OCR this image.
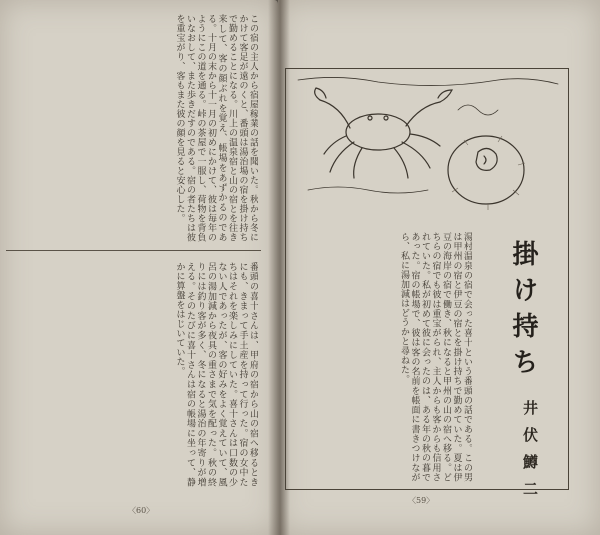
この宿の主人から宿屋稼業の話を聞いた。秋から冬にかけて客足が遠のくと、番頭は湯治場の宿を掛け持ちで勤めることになる。川上の温泉宿と山の宿とを往き来して、客の顔ぶれを覚え、帳場をあずかるのである。十月の末から十一月の初めにかけて、彼は毎年のようにこの道を通る。峠の茶屋で一服し、荷物を背負いなおして、また歩きだすのである。宿の者たちは彼を重宝がり、客もまた彼の顔を見ると安心した。
番頭の喜十さんは、甲府の宿から山の宿へ移るときにも、きまって手土産を持って行った。宿の女中たちはそれを楽しみにしていた。喜十さんは口数の少ない人であったが、客の好みをよく覚えていて、風呂の湯加減から夜具の重さまで気を配った。秋の終りには釣り客が多く、冬になると湯治の年寄りが増える。そのたびに喜十さんは宿の帳場に坐って、静かに算盤をはじいていた。
〈60〉
湯村温泉の宿で会った喜十という番頭の話である。この男は甲州の宿と伊豆の宿とを掛け持ちで勤めていた。夏は伊豆の海岸の宿で働き、秋になると甲州の山の宿へ移る。どちらの宿でも彼は重宝がられ、主人からも客からも信用されていた。私が初めて彼に会ったのは、ある年の秋の暮であった。宿の帳場で、彼は客の名前を帳面に書きつけながら、私に湯加減はどうかと尋ねた。	掛け持ち
井伏鱒二
〈59〉
